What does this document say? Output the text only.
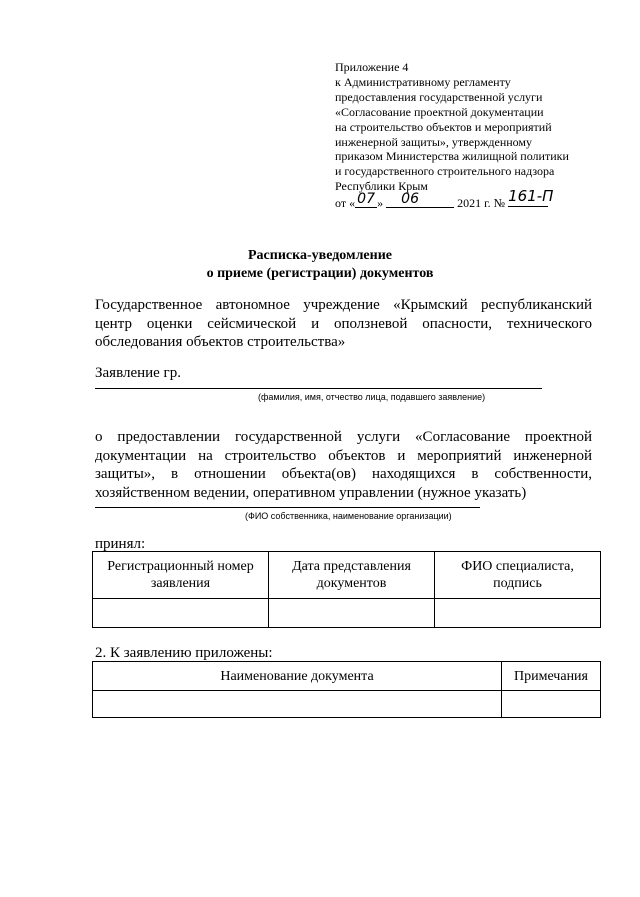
Приложение 4
к Административному регламенту
предоставления государственной услуги
«Согласование проектной документации
на строительство объектов и мероприятий
инженерной защиты», утвержденному
приказом Министерства жилищной политики
и государственного строительного надзора
Республики Крым
от « 07 » 06	2021 г. № 161-П
Расписка-уведомление
о приеме (регистрации) документов
Государственное автономное учреждение «Крымский республиканский центр оценки сейсмической и оползневой опасности, технического обследования объектов строительства»
Заявление гр.
(фамилия, имя, отчество лица, подавшего заявление)
о предоставлении государственной услуги «Согласование проектной документации на строительство объектов и мероприятий инженерной защиты», в отношении объекта(ов) находящихся в собственности, хозяйственном ведении, оперативном управлении (нужное указать)
(ФИО собственника, наименование организации)
принял:
Регистрационный номер заявления	Дата представления документов	ФИО специалиста, подпись

2. К заявлению приложены:
Наименование документа	Примечания
